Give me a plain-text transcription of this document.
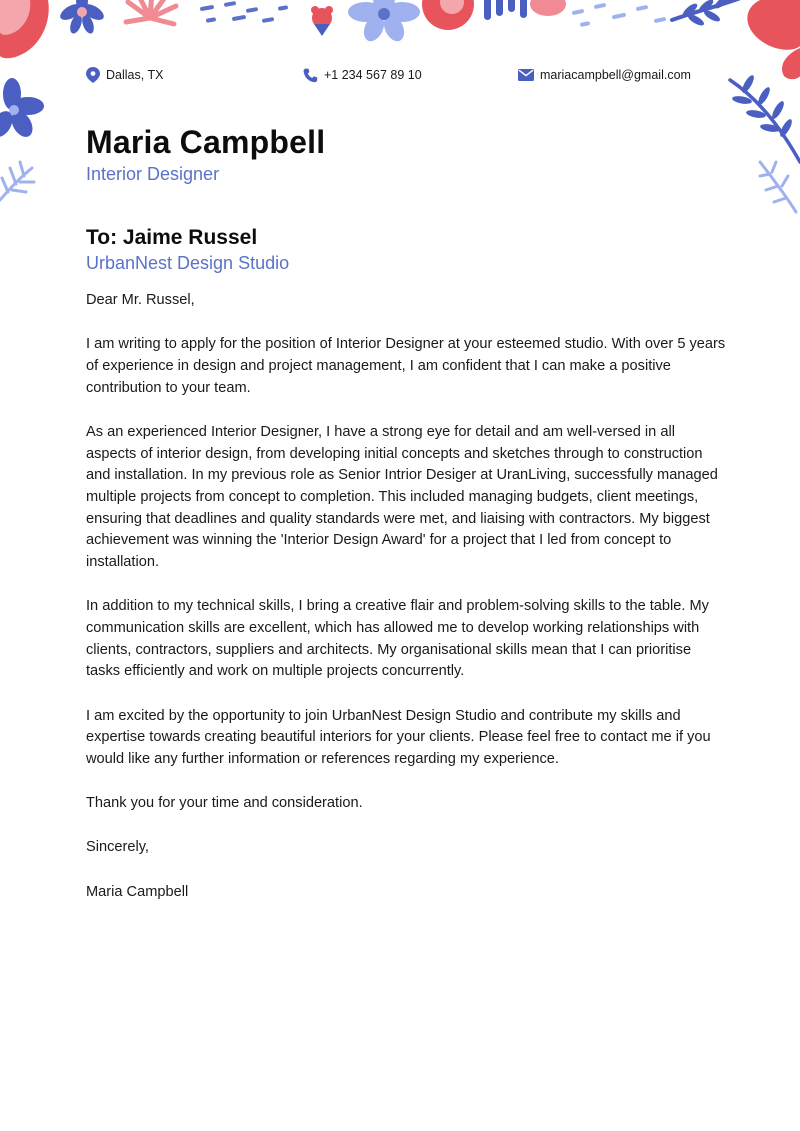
Dallas, TX	+1 234 567 89 10	mariacampbell@gmail.com
Maria Campbell
Interior Designer
To: Jaime Russel
UrbanNest Design Studio

Dear Mr. Russel,

I am writing to apply for the position of Interior Designer at your esteemed studio. With over 5 years of experience in design and project management, I am confident that I can make a positive contribution to your team.

As an experienced Interior Designer, I have a strong eye for detail and am well-versed in all aspects of interior design, from developing initial concepts and sketches through to construction and installation. In my previous role as Senior Intrior Desiger at UranLiving, successfully managed multiple projects from concept to completion. This included managing budgets, client meetings, ensuring that deadlines and quality standards were met, and liaising with contractors. My biggest achievement was winning the 'Interior Design Award' for a project that I led from concept to installation.

In addition to my technical skills, I bring a creative flair and problem-solving skills to the table. My communication skills are excellent, which has allowed me to develop working relationships with clients, contractors, suppliers and architects. My organisational skills mean that I can prioritise tasks efficiently and work on multiple projects concurrently.

I am excited by the opportunity to join UrbanNest Design Studio and contribute my skills and expertise towards creating beautiful interiors for your clients. Please feel free to contact me if you would like any further information or references regarding my experience.

Thank you for your time and consideration.

Sincerely,

Maria Campbell
